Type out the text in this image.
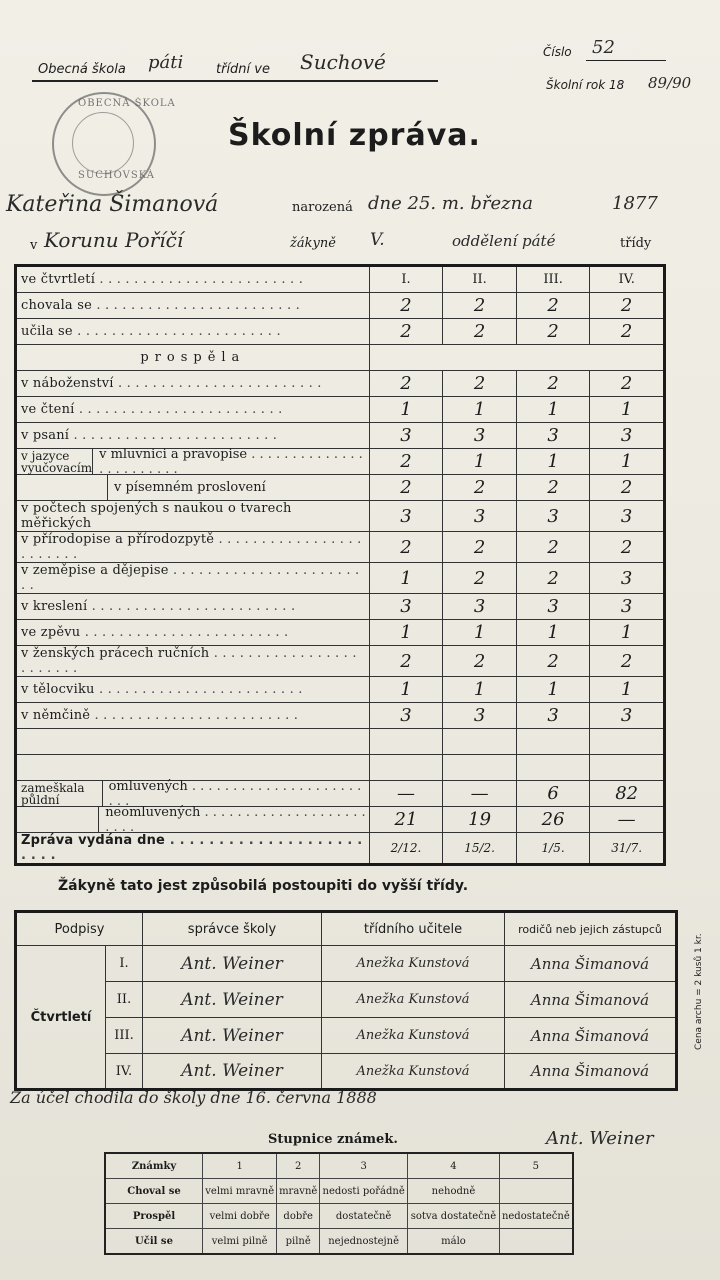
Obecná škola páti	třídní ve Suchové	Číslo 52
Školní rok 18 89/90
OBECNÁ ŠKOLA
SUCHOVSKÁ
Školní zpráva.
Kateřina Šimanová	narozená dne 25. m. března	1877
v Korunu Poříčí	žákyně V.	oddělení páté	třídy
ve čtvrtletí . . .	I.	II.	III.	IV.
chovala se . . .	2	2	2	2
učila se . . .	2	2	2	2
prospěla				
v náboženství . . .	2	2	2	2
ve čtení . . .	1	1	1	1
v psaní . . .	3	3	3	3

v jazyce vyučovacím
v mluvnici a pravopise . . .	2	1	1	1

v písemném proslovení	2	2	2	2
v počtech spojených s naukou o tvarech měřických	3	3	3	3
v přírodopise a přírodozpytě . . .	2	2	2	2
v zeměpise a dějepise . . .	1	2	2	3
v kreslení . . .	3	3	3	3
ve zpěvu . . .	1	1	1	1
v ženských prácech ručních . . .	2	2	2	2
v tělocviku . . .	1	1	1	1
v němčině . . .	3	3	3	3

zameškala půldní
omluvených . . .	—	—	6	82

neomluvených . . .	21	19	26	—
Zpráva vydána dne . . .	2/12.	15/2.	1/5.	31/7.
Žákyně tato jest způsobilá postoupiti do vyšší třídy.
Podpisy		správce školy	třídního učitele	rodičů neb jejich zástupců
Čtvrtletí	I.	Ant. Weiner	Anežka Kunstová	Anna Šimanová
	II.	Ant. Weiner	Anežka Kunstová	Anna Šimanová
	III.	Ant. Weiner	Anežka Kunstová	Anna Šimanová
	IV.	Ant. Weiner	Anežka Kunstová	Anna Šimanová
Cena archu = 2 kusů 1 kr.
Za účel chodila do školy dne 16. června 1888
Ant. Weiner
Stupnice známek.
Známky	1	2	3	4	5
Choval se	velmi mravně	mravně	nedosti pořádně	nehodně	
Prospěl	velmi dobře	dobře	dostatečně	sotva dostatečně	nedostatečně
Učil se	velmi pilně	pilně	nejednostejně	málo	
